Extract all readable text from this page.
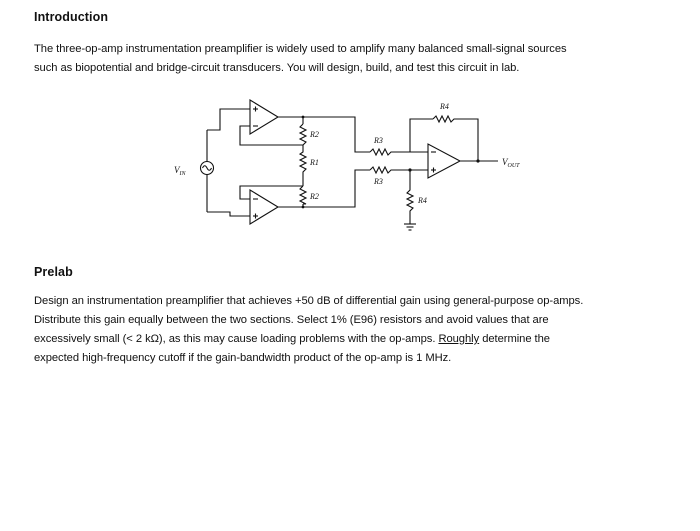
Introduction
The three-op-amp instrumentation preamplifier is widely used to amplify many balanced small-signal sources
such as biopotential and bridge-circuit transducers. You will design, build, and test this circuit in lab.
$V_{IN}$
R2
R1
R2
R3
R3
R4
$V_{OUT}$
R4
Prelab
Design an instrumentation preamplifier that achieves +50 dB of differential gain using general-purpose op-amps.
Distribute this gain equally between the two sections. Select 1% (E96) resistors and avoid values that are
excessively small (< 2 kΩ), as this may cause loading problems with the op-amps. Roughly determine the
expected high-frequency cutoff if the gain-bandwidth product of the op-amp is 1 MHz.
